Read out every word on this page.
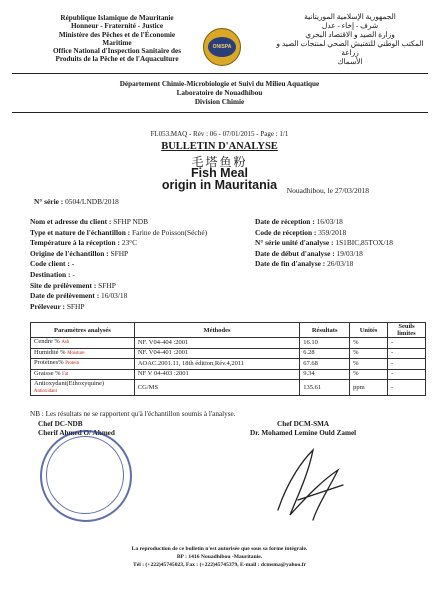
République Islamique de Mauritanie
Honneur - Fraternité - Justice
Ministère des Pêches et de l'Économie
Maritime
Office National d'Inspection Sanitaire des
Produits de la Pêche et de l'Aquaculture
ONISPA
الجمهورية الإسلامية الموريتانية
شرف - إخاء - عدل
وزارة الصيد و الاقتصاد البحري
المكتب الوطني للتفتيش الصحي لمنتجات الصيد و زراعة
الأسماك
Département Chimie-Microbiologie et Suivi du Milieu Aquatique
Laboratoire de Nouadhibou
Division Chimie
FI.053.MAQ - Rév : 06 - 07/01/2015 - Page : 1/1
BULLETIN D'ANALYSE
毛塔鱼粉
Fish Meal
origin in Mauritania	Nouadhibou, le 27/03/2018
N° série : 0504/LNDB/2018
Nom et adresse du client : SFHP NDB
Type et nature de l'échantillon : Farine de Poisson(Séché)
Température à la réception : 23°C
Origine de l'échantillon : SFHP
Code client : -
Destination : -
Site de prélèvement : SFHP
Date de prélèvement : 16/03/18
Préleveur : SFHP
Date de réception : 16/03/18
Code de réception : 359/2018
N° série unité d'analyse : 1S1BIC,85TOX/18
Date de début d'analyse : 19/03/18
Date de fin d'analyse : 26/03/18
Paramètres analysés	Méthodes	Résultats	Unités	Seuils limites
Cendre % Ash	NF. V04-404 :2001	16.10	%	-
Humidité % Moisture	NF. V04-401 :2001	6.28	%	-
Protéines% Protein	AOAC.2001.11, 18th édition,Rév.4,2011	67.68	%	-
Graisse % Fat	NF V 04-403 :2001	9.34	%	-
Antioxydant(Ethoxyquine)
Antioxidant	CG/MS	135.61	ppm	-
NB : Les résultats ne se rapportent qu'à l'échantillon soumis à l'analyse.
Chef DC-NDB
Cherif Ahmed O/ Ahmed
Chef DCM-SMA
Dr. Mohamed Lemine Ould Zamel
La reproduction de ce bulletin n'est autorisée que sous sa forme intégrale.
BP : 1416 Nouadhibou -Mauritanie.
Tél : (+222)45745023, Fax : (+222)45745379, E-mail : dcmsma@yahoo.fr
